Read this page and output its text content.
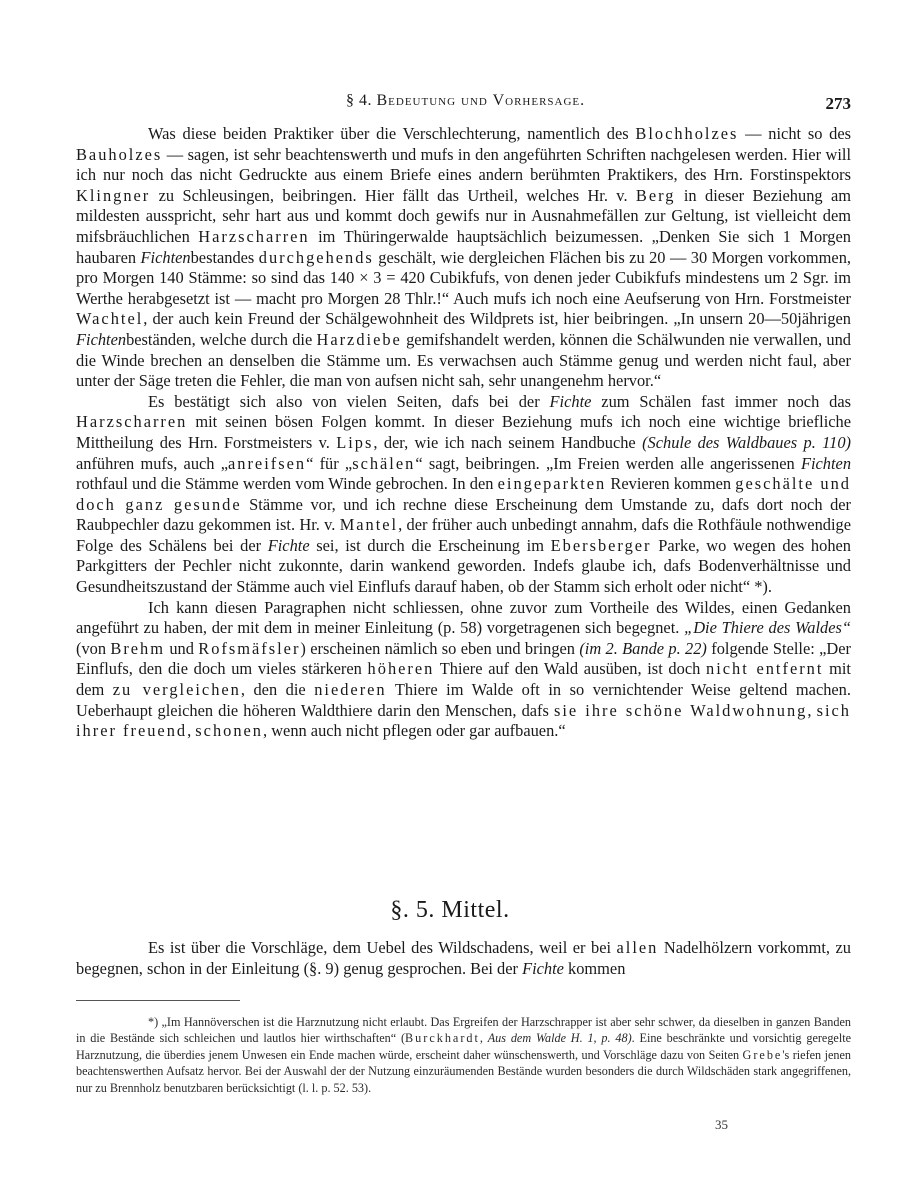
§ 4. Bedeutung und Vorhersage.	273

Was diese beiden Praktiker über die Verschlechterung, namentlich des Blochholzes — nicht so des Bauholzes — sagen, ist sehr beachtenswerth und mufs in den angeführten Schriften nachgelesen werden. Hier will ich nur noch das nicht Gedruckte aus einem Briefe eines andern berühmten Praktikers, des Hrn. Forstinspektors Klingner zu Schleusingen, beibringen. Hier fällt das Urtheil, welches Hr. v. Berg in dieser Beziehung am mildesten ausspricht, sehr hart aus und kommt doch gewifs nur in Ausnahmefällen zur Geltung, ist vielleicht dem mifsbräuchlichen Harzscharren im Thüringerwalde hauptsächlich beizumessen. „Denken Sie sich 1 Morgen haubaren Fichtenbestandes durchgehends geschält, wie dergleichen Flächen bis zu 20 — 30 Morgen vorkommen, pro Morgen 140 Stämme: so sind das 140 × 3 = 420 Cubikfufs, von denen jeder Cubikfufs mindestens um 2 Sgr. im Werthe herabgesetzt ist — macht pro Morgen 28 Thlr.!“ Auch mufs ich noch eine Aeufserung von Hrn. Forstmeister Wachtel, der auch kein Freund der Schälgewohnheit des Wildprets ist, hier beibringen. „In unsern 20—50jährigen Fichtenbeständen, welche durch die Harzdiebe gemifshandelt werden, können die Schälwunden nie verwallen, und die Winde brechen an denselben die Stämme um. Es verwachsen auch Stämme genug und werden nicht faul, aber unter der Säge treten die Fehler, die man von aufsen nicht sah, sehr unangenehm hervor.“

Es bestätigt sich also von vielen Seiten, dafs bei der Fichte zum Schälen fast immer noch das Harzscharren mit seinen bösen Folgen kommt. In dieser Beziehung mufs ich noch eine wichtige briefliche Mittheilung des Hrn. Forstmeisters v. Lips, der, wie ich nach seinem Handbuche (Schule des Waldbaues p. 110) anführen mufs, auch „anreifsen“ für „schälen“ sagt, beibringen. „Im Freien werden alle angerissenen Fichten rothfaul und die Stämme werden vom Winde gebrochen. In den eingeparkten Revieren kommen geschälte und doch ganz gesunde Stämme vor, und ich rechne diese Erscheinung dem Umstande zu, dafs dort noch der Raubpechler dazu gekommen ist. Hr. v. Mantel, der früher auch unbedingt annahm, dafs die Rothfäule nothwendige Folge des Schälens bei der Fichte sei, ist durch die Erscheinung im Ebersberger Parke, wo wegen des hohen Parkgitters der Pechler nicht zukonnte, darin wankend geworden. Indefs glaube ich, dafs Bodenverhältnisse und Gesundheitszustand der Stämme auch viel Einflufs darauf haben, ob der Stamm sich erholt oder nicht“ *).

Ich kann diesen Paragraphen nicht schliessen, ohne zuvor zum Vortheile des Wildes, einen Gedanken angeführt zu haben, der mit dem in meiner Einleitung (p. 58) vorgetragenen sich begegnet. „Die Thiere des Waldes“ (von Brehm und Rofsmäfsler) erscheinen nämlich so eben und bringen (im 2. Bande p. 22) folgende Stelle: „Der Einflufs, den die doch um vieles stärkeren höheren Thiere auf den Wald ausüben, ist doch nicht entfernt mit dem zu vergleichen, den die niederen Thiere im Walde oft in so vernichtender Weise geltend machen. Ueberhaupt gleichen die höheren Waldthiere darin den Menschen, dafs sie ihre schöne Waldwohnung, sich ihrer freuend, schonen, wenn auch nicht pflegen oder gar aufbauen.“

§. 5. Mittel.

Es ist über die Vorschläge, dem Uebel des Wildschadens, weil er bei allen Nadelhölzern vorkommt, zu begegnen, schon in der Einleitung (§. 9) genug gesprochen. Bei der Fichte kommen

*) „Im Hannöverschen ist die Harznutzung nicht erlaubt. Das Ergreifen der Harzschrapper ist aber sehr schwer, da dieselben in ganzen Banden in die Bestände sich schleichen und lautlos hier wirthschaften“ (Burckhardt, Aus dem Walde H. 1, p. 48). Eine beschränkte und vorsichtig geregelte Harznutzung, die überdies jenem Unwesen ein Ende machen würde, erscheint daher wünschenswerth, und Vorschläge dazu von Seiten Grebe's riefen jenen beachtenswerthen Aufsatz hervor. Bei der Auswahl der der Nutzung einzuräumenden Bestände wurden besonders die durch Wildschäden stark angegriffenen, nur zu Brennholz benutzbaren berücksichtigt (l. l. p. 52. 53).

35
